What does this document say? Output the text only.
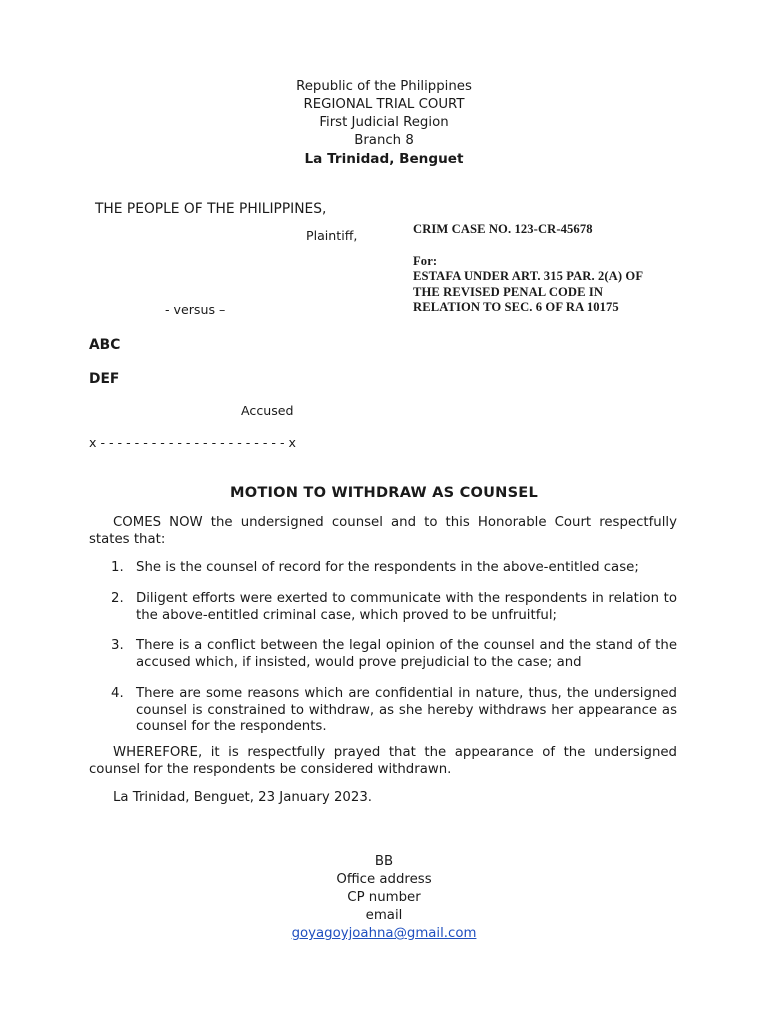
Republic of the Philippines
REGIONAL TRIAL COURT
First Judicial Region
Branch 8
La Trinidad, Benguet
THE PEOPLE OF THE PHILIPPINES,
Plaintiff,
- versus –
ABC
DEF
Accused
x - - - - - - - - - - - - - - - - - - - - - - x
CRIM CASE NO. 123-CR-45678
For:
ESTAFA UNDER ART. 315 PAR. 2(A) OF
THE REVISED PENAL CODE IN
RELATION TO SEC. 6 OF RA 10175
MOTION TO WITHDRAW AS COUNSEL
COMES NOW the undersigned counsel and to this Honorable Court respectfully states that:
1. She is the counsel of record for the respondents in the above-entitled case;
2. Diligent efforts were exerted to communicate with the respondents in relation to the above-entitled criminal case, which proved to be unfruitful;
3. There is a conflict between the legal opinion of the counsel and the stand of the accused which, if insisted, would prove prejudicial to the case; and
4. There are some reasons which are confidential in nature, thus, the undersigned counsel is constrained to withdraw, as she hereby withdraws her appearance as counsel for the respondents.
WHEREFORE, it is respectfully prayed that the appearance of the undersigned counsel for the respondents be considered withdrawn.
La Trinidad, Benguet, 23 January 2023.
BB
Office address
CP number
email
goyagoyjoahna@gmail.com
